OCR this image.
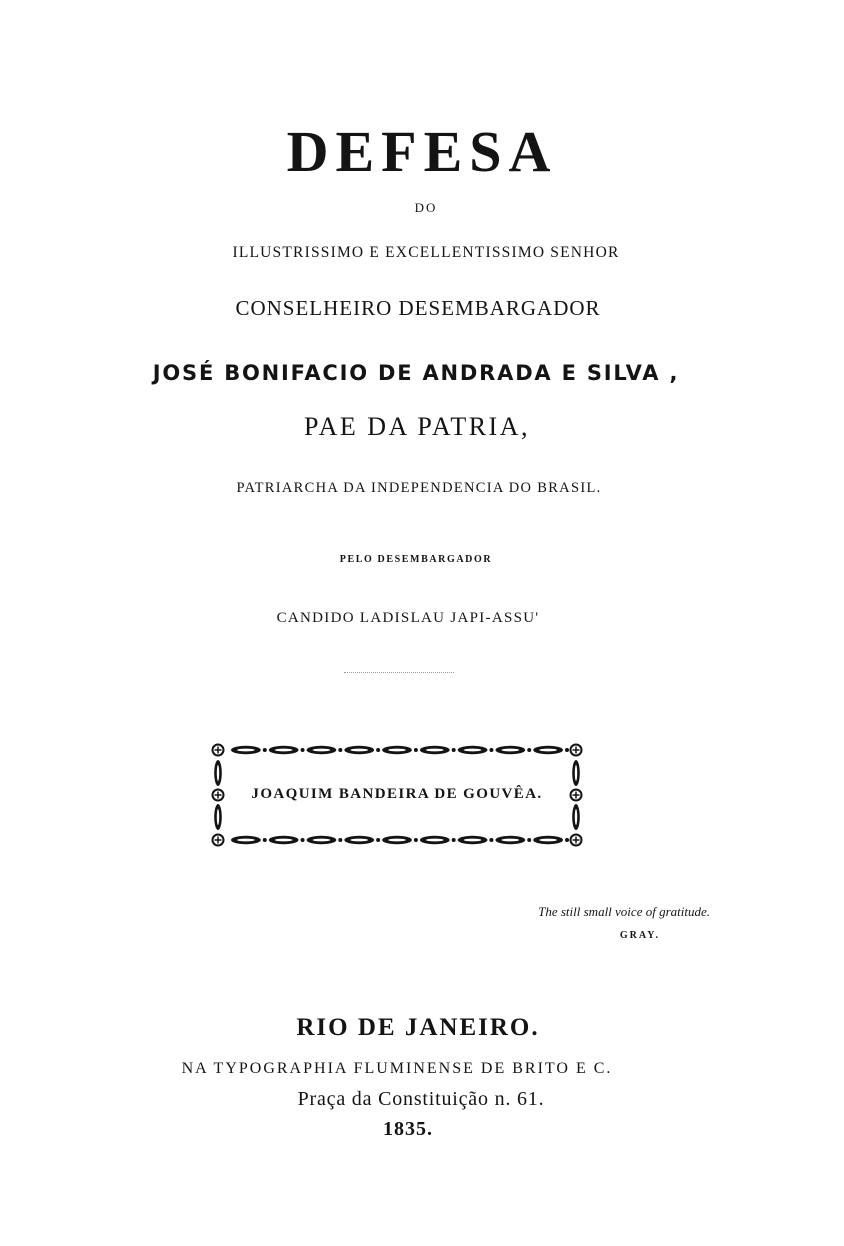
DEFESA
DO
ILLUSTRISSIMO E EXCELLENTISSIMO SENHOR
CONSELHEIRO DESEMBARGADOR
JOSÉ BONIFACIO DE ANDRADA E SILVA ,
PAE DA PATRIA,
PATRIARCHA DA INDEPENDENCIA DO BRASIL.
PELO DESEMBARGADOR
CANDIDO LADISLAU JAPI-ASSU'
JOAQUIM BANDEIRA DE GOUVÊA.
The still small voice of gratitude.
GRAY.
RIO DE JANEIRO.
NA TYPOGRAPHIA FLUMINENSE DE BRITO E C.
Praça da Constituição n. 61.
1835.
